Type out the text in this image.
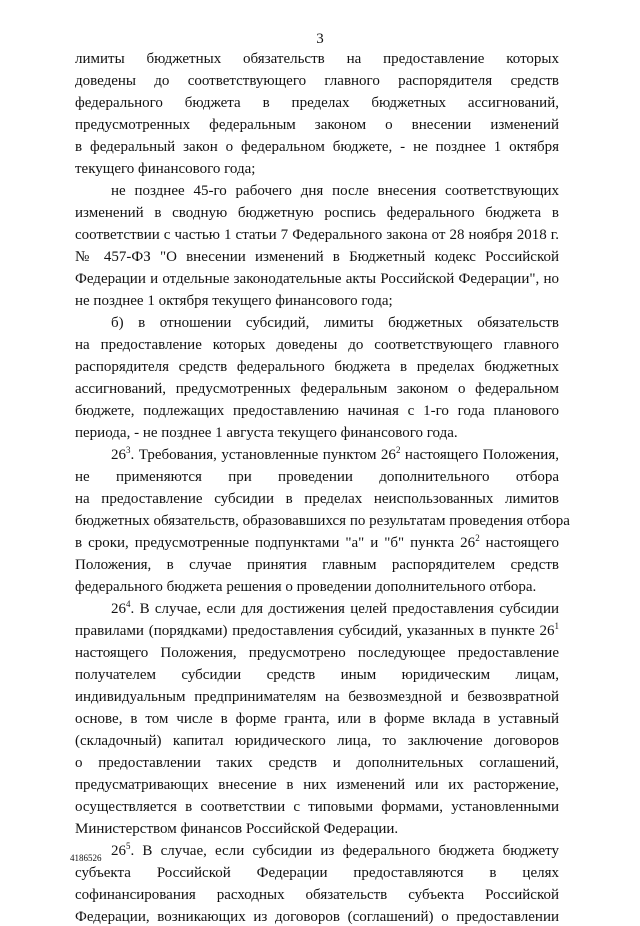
3
лимиты бюджетных обязательств на предоставление которых
доведены до соответствующего главного распорядителя средств
федерального бюджета в пределах бюджетных ассигнований,
предусмотренных федеральным законом о внесении изменений
в федеральный закон о федеральном бюджете, - не позднее 1 октября
текущего финансового года;
не позднее 45-го рабочего дня после внесения соответствующих
изменений в сводную бюджетную роспись федерального бюджета в
соответствии с частью 1 статьи 7 Федерального закона от 28 ноября 2018 г.
№ 457-ФЗ "О внесении изменений в Бюджетный кодекс Российской
Федерации и отдельные законодательные акты Российской Федерации", но
не позднее 1 октября текущего финансового года;
б) в отношении субсидий, лимиты бюджетных обязательств
на предоставление которых доведены до соответствующего главного
распорядителя средств федерального бюджета в пределах бюджетных
ассигнований, предусмотренных федеральным законом о федеральном
бюджете, подлежащих предоставлению начиная с 1-го года планового
периода, - не позднее 1 августа текущего финансового года.
$26^3$. Требования, установленные пунктом $26^2$ настоящего Положения,
не применяются при проведении дополнительного отбора
на предоставление субсидии в пределах неиспользованных лимитов
бюджетных обязательств, образовавшихся по результатам проведения отбора
в сроки, предусмотренные подпунктами "а" и "б" пункта $26^2$ настоящего
Положения, в случае принятия главным распорядителем средств
федерального бюджета решения о проведении дополнительного отбора.
$26^4$. В случае, если для достижения целей предоставления субсидии
правилами (порядками) предоставления субсидий, указанных в пункте $26^1$
настоящего Положения, предусмотрено последующее предоставление
получателем субсидии средств иным юридическим лицам,
индивидуальным предпринимателям на безвозмездной и безвозвратной
основе, в том числе в форме гранта, или в форме вклада в уставный
(складочный) капитал юридического лица, то заключение договоров
о предоставлении таких средств и дополнительных соглашений,
предусматривающих внесение в них изменений или их расторжение,
осуществляется в соответствии с типовыми формами, установленными
Министерством финансов Российской Федерации.
$26^5$. В случае, если субсидии из федерального бюджета бюджету
субъекта Российской Федерации предоставляются в целях
софинансирования расходных обязательств субъекта Российской
Федерации, возникающих из договоров (соглашений) о предоставлении
4186526
